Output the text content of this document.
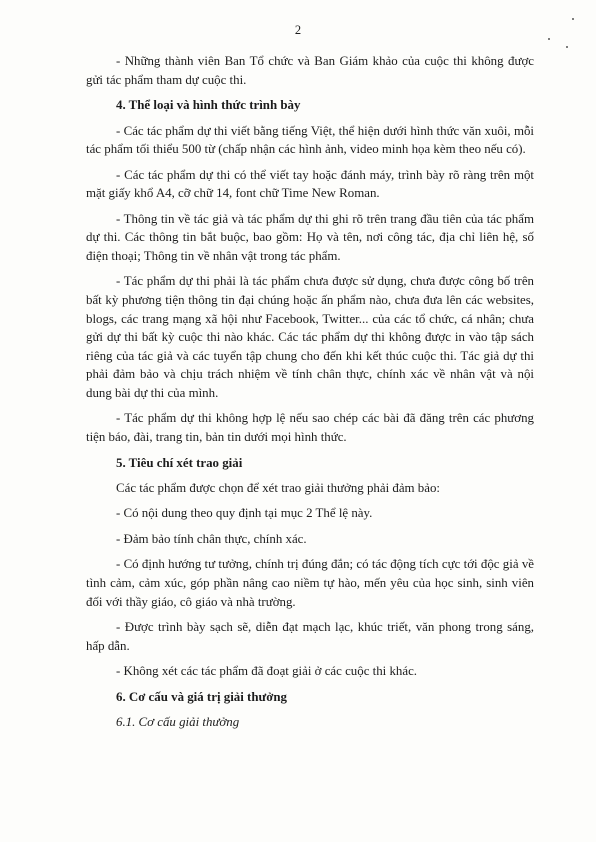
2

- Những thành viên Ban Tổ chức và Ban Giám khảo của cuộc thi không được gửi tác phẩm tham dự cuộc thi.

4. Thể loại và hình thức trình bày

- Các tác phẩm dự thi viết bằng tiếng Việt, thể hiện dưới hình thức văn xuôi, mỗi tác phẩm tối thiểu 500 từ (chấp nhận các hình ảnh, video minh họa kèm theo nếu có).

- Các tác phẩm dự thi có thể viết tay hoặc đánh máy, trình bày rõ ràng trên một mặt giấy khổ A4, cỡ chữ 14, font chữ Time New Roman.

- Thông tin về tác giả và tác phẩm dự thi ghi rõ trên trang đầu tiên của tác phẩm dự thi. Các thông tin bắt buộc, bao gồm: Họ và tên, nơi công tác, địa chỉ liên hệ, số điện thoại; Thông tin về nhân vật trong tác phẩm.

- Tác phẩm dự thi phải là tác phẩm chưa được sử dụng, chưa được công bố trên bất kỳ phương tiện thông tin đại chúng hoặc ấn phẩm nào, chưa đưa lên các websites, blogs, các trang mạng xã hội như Facebook, Twitter... của các tổ chức, cá nhân; chưa gửi dự thi bất kỳ cuộc thi nào khác. Các tác phẩm dự thi không được in vào tập sách riêng của tác giả và các tuyển tập chung cho đến khi kết thúc cuộc thi. Tác giả dự thi phải đảm bảo và chịu trách nhiệm về tính chân thực, chính xác về nhân vật và nội dung bài dự thi của mình.

- Tác phẩm dự thi không hợp lệ nếu sao chép các bài đã đăng trên các phương tiện báo, đài, trang tin, bản tin dưới mọi hình thức.

5. Tiêu chí xét trao giải

Các tác phẩm được chọn để xét trao giải thưởng phải đảm bảo:

- Có nội dung theo quy định tại mục 2 Thể lệ này.

- Đảm bảo tính chân thực, chính xác.

- Có định hướng tư tưởng, chính trị đúng đắn; có tác động tích cực tới độc giả về tình cảm, cảm xúc, góp phần nâng cao niềm tự hào, mến yêu của học sinh, sinh viên đối với thầy giáo, cô giáo và nhà trường.

- Được trình bày sạch sẽ, diễn đạt mạch lạc, khúc triết, văn phong trong sáng, hấp dẫn.

- Không xét các tác phẩm đã đoạt giải ở các cuộc thi khác.

6. Cơ cấu và giá trị giải thưởng

6.1. Cơ cấu giải thưởng
